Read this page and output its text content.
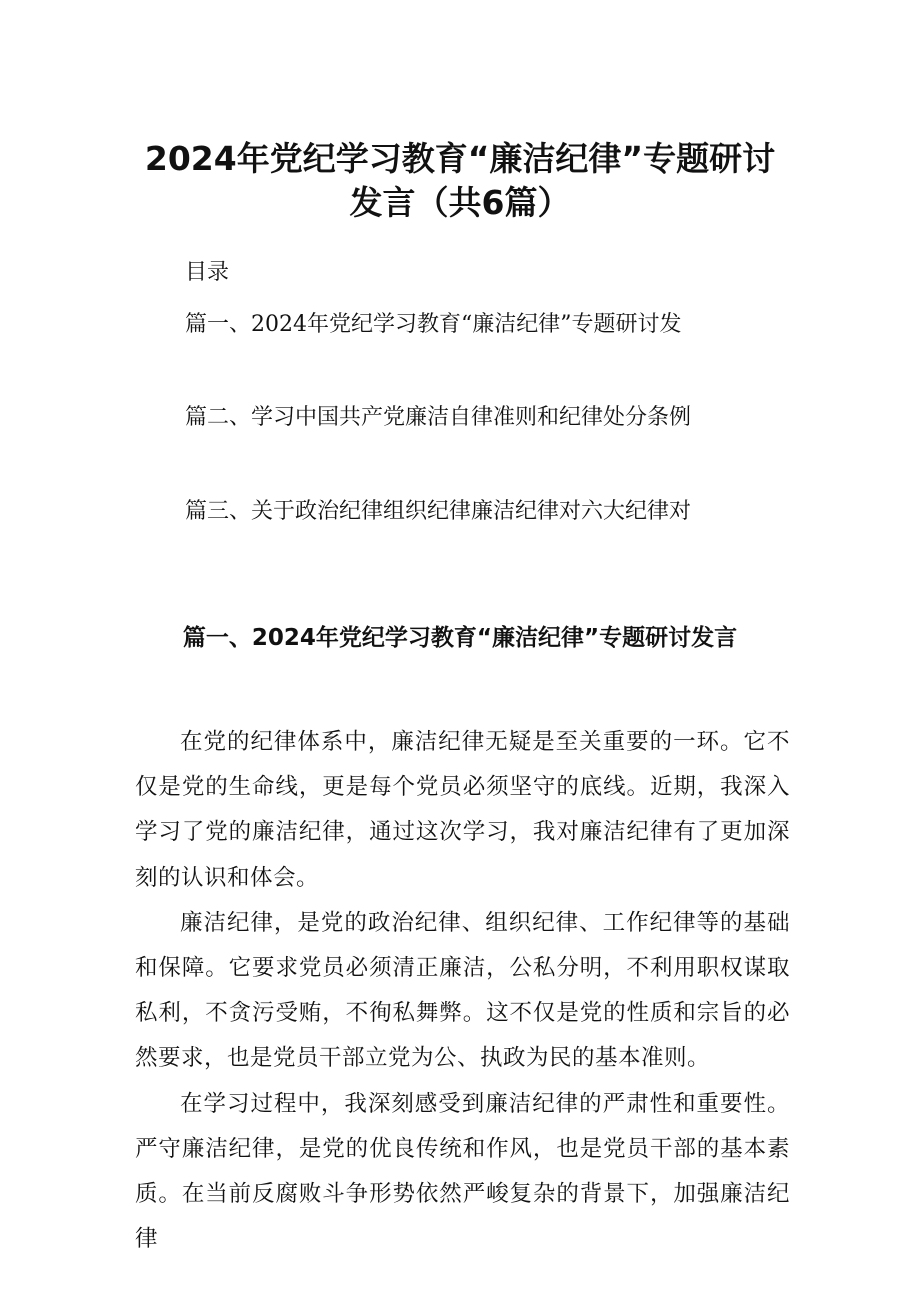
2024年党纪学习教育“廉洁纪律”专题研讨
发言（共6篇）
目录
篇一、2024年党纪学习教育“廉洁纪律”专题研讨发
篇二、学习中国共产党廉洁自律准则和纪律处分条例
篇三、关于政治纪律组织纪律廉洁纪律对六大纪律对
篇一、2024年党纪学习教育“廉洁纪律”专题研讨发言

在党的纪律体系中，廉洁纪律无疑是至关重要的一环。它不仅是党的生命线，更是每个党员必须坚守的底线。近期，我深入学习了党的廉洁纪律，通过这次学习，我对廉洁纪律有了更加深刻的认识和体会。

廉洁纪律，是党的政治纪律、组织纪律、工作纪律等的基础和保障。它要求党员必须清正廉洁，公私分明，不利用职权谋取私利，不贪污受贿，不徇私舞弊。这不仅是党的性质和宗旨的必然要求，也是党员干部立党为公、执政为民的基本准则。

在学习过程中，我深刻感受到廉洁纪律的严肃性和重要性。严守廉洁纪律，是党的优良传统和作风，也是党员干部的基本素质。在当前反腐败斗争形势依然严峻复杂的背景下，加强廉洁纪律
